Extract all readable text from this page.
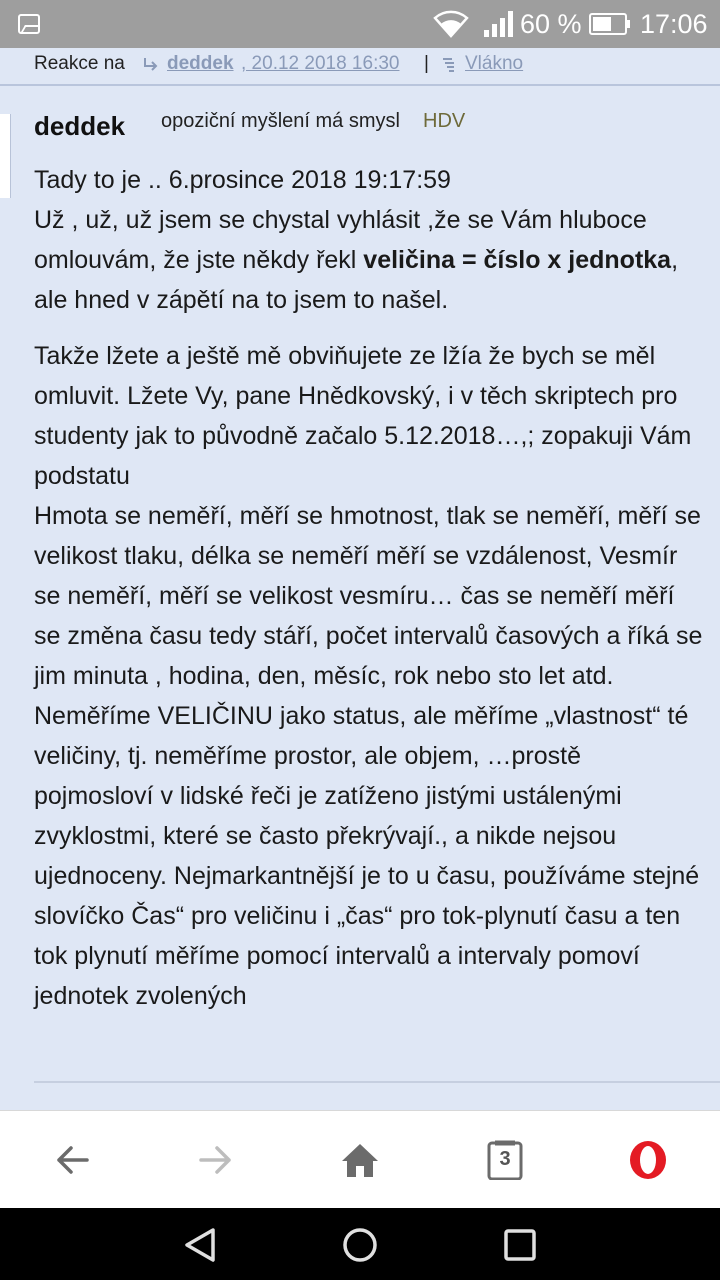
60 % 17:06
Reakce na deddek , 20.12 2018 16:30 | Vlákno
deddek opoziční myšlení má smysl HDV

Tady to je .. 6.prosince 2018 19:17:59
Už , už, už jsem se chystal vyhlásit ,že se Vám hluboce omlouvám, že jste někdy řekl veličina = číslo x jednotka, ale hned v zápětí na to jsem to našel.

Takže lžete a ještě mě obviňujete ze lžía že bych se měl omluvit. Lžete Vy, pane Hnědkovský, i v těch skriptech pro studenty jak to původně začalo 5.12.2018…,; zopakuji Vám podstatu
Hmota se neměří, měří se hmotnost, tlak se neměří, měří se velikost tlaku, délka se neměří měří se vzdálenost, Vesmír se neměří, měří se velikost vesmíru… čas se neměří měří se změna času tedy stáří, počet intervalů časových a říká se jim minuta , hodina, den, měsíc, rok nebo sto let atd. Neměříme VELIČINU jako status, ale měříme „vlastnost“ té veličiny, tj. neměříme prostor, ale objem, …prostě pojmosloví v lidské řeči je zatíženo jistými ustálenými zvyklostmi, které se často překrývají., a nikde nejsou ujednoceny. Nejmarkantnější je to u času, používáme stejné slovíčko Čas“ pro veličinu i „čas“ pro tok-plynutí času a ten tok plynutí měříme pomocí intervalů a intervaly pomoví jednotek zvolených

3
